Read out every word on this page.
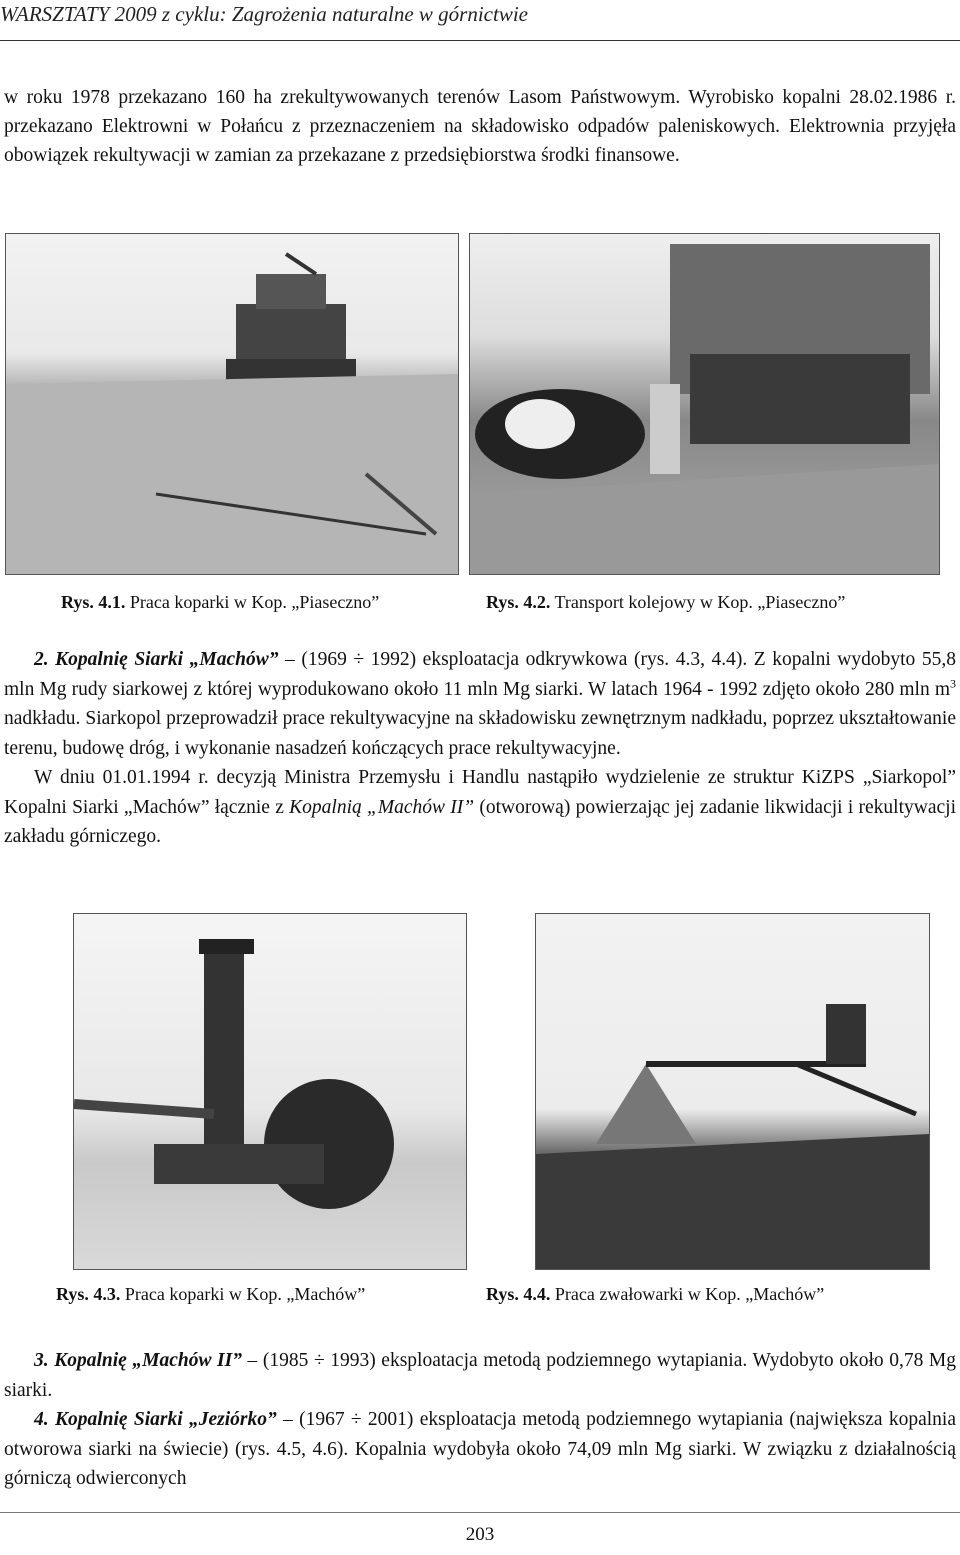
WARSZTATY 2009 z cyklu: Zagrożenia naturalne w górnictwie
w roku 1978 przekazano 160 ha zrekultywowanych terenów Lasom Państwowym. Wyrobisko kopalni 28.02.1986 r. przekazano Elektrowni w Połańcu z przeznaczeniem na składowisko odpadów paleniskowych. Elektrownia przyjęła obowiązek rekultywacji w zamian za przekazane z przedsiębiorstwa środki finansowe.
Rys. 4.1. Praca koparki w Kop. „Piaseczno”	Rys. 4.2. Transport kolejowy w Kop. „Piaseczno”
2. Kopalnię Siarki „Machów” – (1969 ÷ 1992) eksploatacja odkrywkowa (rys. 4.3, 4.4). Z kopalni wydobyto 55,8 mln Mg rudy siarkowej z której wyprodukowano około 11 mln Mg siarki. W latach 1964 - 1992 zdjęto około 280 mln $m^3$ nadkładu. Siarkopol przeprowadził prace rekultywacyjne na składowisku zewnętrznym nadkładu, poprzez ukształtowanie terenu, budowę dróg, i wykonanie nasadzeń kończących prace rekultywacyjne.
W dniu 01.01.1994 r. decyzją Ministra Przemysłu i Handlu nastąpiło wydzielenie ze struktur KiZPS „Siarkopol” Kopalni Siarki „Machów” łącznie z Kopalnią „Machów II” (otworową) powierzając jej zadanie likwidacji i rekultywacji zakładu górniczego.
Rys. 4.3. Praca koparki w Kop. „Machów”	Rys. 4.4. Praca zwałowarki w Kop. „Machów”
3. Kopalnię „Machów II” – (1985 ÷ 1993) eksploatacja metodą podziemnego wytapiania. Wydobyto około 0,78 Mg siarki.
4. Kopalnię Siarki „Jeziórko” – (1967 ÷ 2001) eksploatacja metodą podziemnego wytapiania (największa kopalnia otworowa siarki na świecie) (rys. 4.5, 4.6). Kopalnia wydobyła około 74,09 mln Mg siarki. W związku z działalnością górniczą odwierconych
203
